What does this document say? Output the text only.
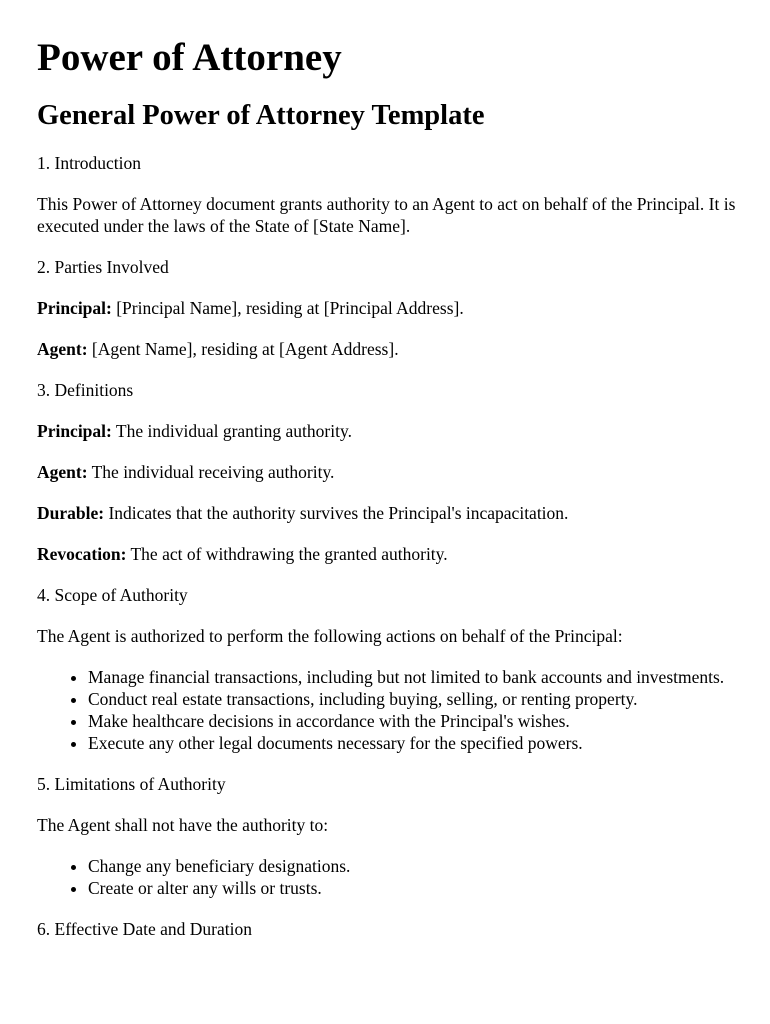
Power of Attorney
General Power of Attorney Template

1. Introduction

This Power of Attorney document grants authority to an Agent to act on behalf of the Principal. It is executed under the laws of the State of [State Name].

2. Parties Involved

Principal: [Principal Name], residing at [Principal Address].

Agent: [Agent Name], residing at [Agent Address].

3. Definitions

Principal: The individual granting authority.

Agent: The individual receiving authority.

Durable: Indicates that the authority survives the Principal's incapacitation.

Revocation: The act of withdrawing the granted authority.

4. Scope of Authority

The Agent is authorized to perform the following actions on behalf of the Principal:

• Manage financial transactions, including but not limited to bank accounts and investments.
• Conduct real estate transactions, including buying, selling, or renting property.
• Make healthcare decisions in accordance with the Principal's wishes.
• Execute any other legal documents necessary for the specified powers.

5. Limitations of Authority

The Agent shall not have the authority to:

• Change any beneficiary designations.
• Create or alter any wills or trusts.

6. Effective Date and Duration
